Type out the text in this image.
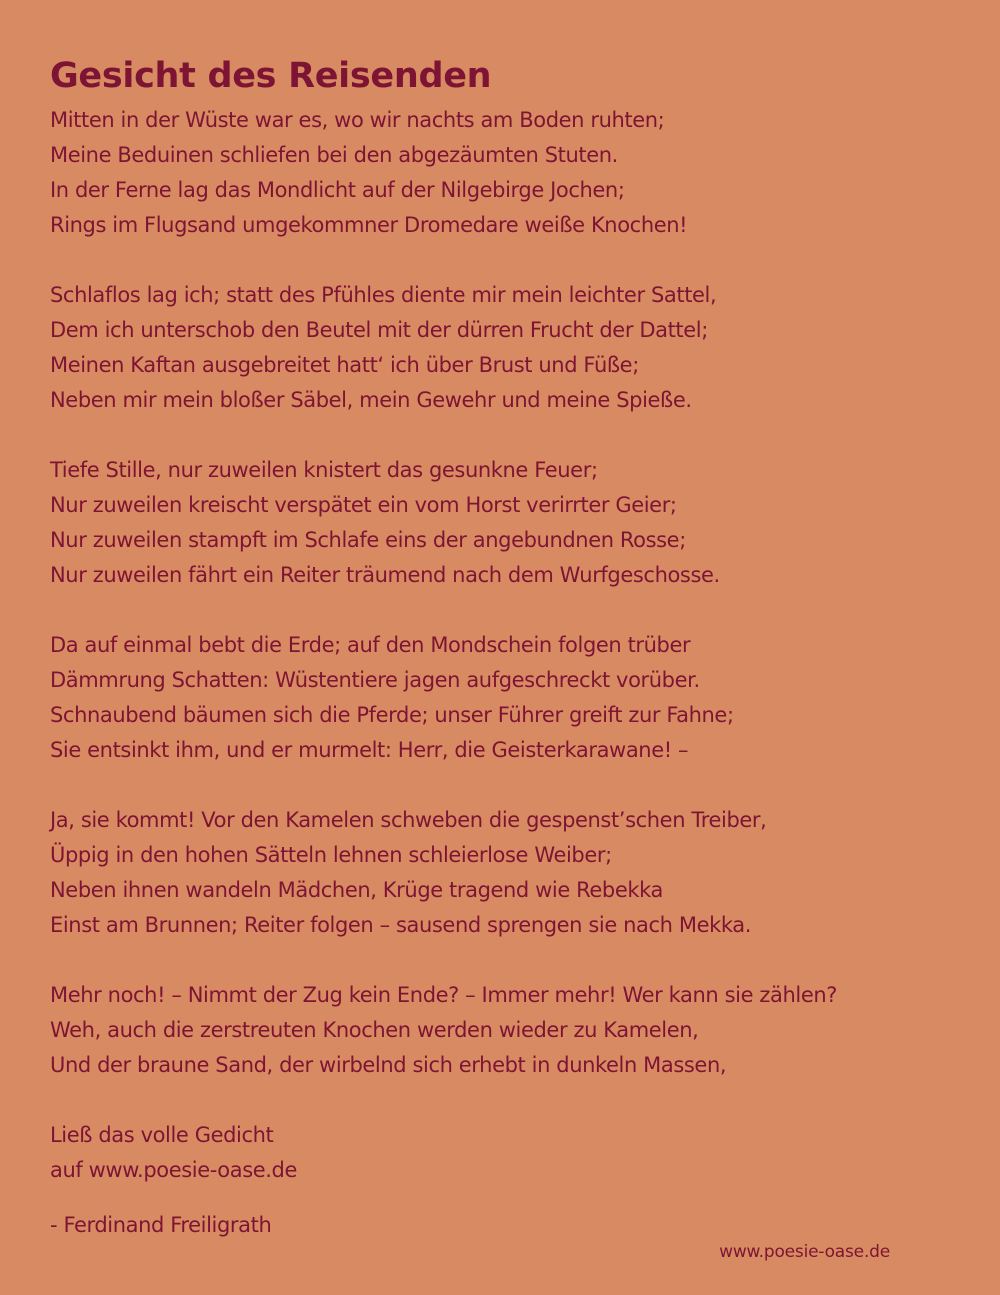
Gesicht des Reisenden
Mitten in der Wüste war es, wo wir nachts am Boden ruhten;
Meine Beduinen schliefen bei den abgezäumten Stuten.
In der Ferne lag das Mondlicht auf der Nilgebirge Jochen;
Rings im Flugsand umgekommner Dromedare weiße Knochen!
Schlaflos lag ich; statt des Pfühles diente mir mein leichter Sattel,
Dem ich unterschob den Beutel mit der dürren Frucht der Dattel;
Meinen Kaftan ausgebreitet hatt‘ ich über Brust und Füße;
Neben mir mein bloßer Säbel, mein Gewehr und meine Spieße.
Tiefe Stille, nur zuweilen knistert das gesunkne Feuer;
Nur zuweilen kreischt verspätet ein vom Horst verirrter Geier;
Nur zuweilen stampft im Schlafe eins der angebundnen Rosse;
Nur zuweilen fährt ein Reiter träumend nach dem Wurfgeschosse.
Da auf einmal bebt die Erde; auf den Mondschein folgen trüber
Dämmrung Schatten: Wüstentiere jagen aufgeschreckt vorüber.
Schnaubend bäumen sich die Pferde; unser Führer greift zur Fahne;
Sie entsinkt ihm, und er murmelt: Herr, die Geisterkarawane! –
Ja, sie kommt! Vor den Kamelen schweben die gespenst’schen Treiber,
Üppig in den hohen Sätteln lehnen schleierlose Weiber;
Neben ihnen wandeln Mädchen, Krüge tragend wie Rebekka
Einst am Brunnen; Reiter folgen – sausend sprengen sie nach Mekka.
Mehr noch! – Nimmt der Zug kein Ende? – Immer mehr! Wer kann sie zählen?
Weh, auch die zerstreuten Knochen werden wieder zu Kamelen,
Und der braune Sand, der wirbelnd sich erhebt in dunkeln Massen,
Ließ das volle Gedicht
auf www.poesie-oase.de
- Ferdinand Freiligrath
www.poesie-oase.de
